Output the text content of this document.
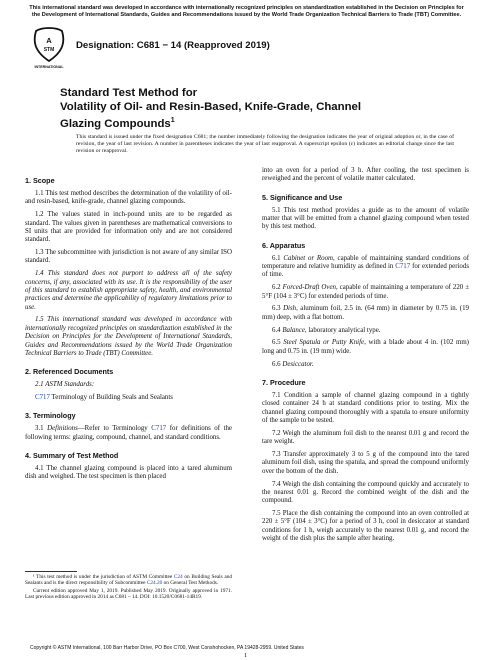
This international standard was developed in accordance with internationally recognized principles on standardization established in the Decision on Principles for the Development of International Standards, Guides and Recommendations issued by the World Trade Organization Technical Barriers to Trade (TBT) Committee.
A
STM
INTERNATIONAL
Designation: C681 − 14 (Reapproved 2019)
Standard Test Method for
Volatility of Oil- and Resin-Based, Knife-Grade, Channel
Glazing Compounds$^1$
This standard is issued under the fixed designation C681; the number immediately following the designation indicates the year of original adoption or, in the case of revision, the year of last revision. A number in parentheses indicates the year of last reapproval. A superscript epsilon (ε) indicates an editorial change since the last revision or reapproval.
1. Scope

1.1 This test method describes the determination of the volatility of oil- and resin-based, knife-grade, channel glazing compounds.

1.2 The values stated in inch-pound units are to be regarded as standard. The values given in parentheses are mathematical conversions to SI units that are provided for information only and are not considered standard.

1.3 The subcommittee with jurisdiction is not aware of any similar ISO standard.

1.4 This standard does not purport to address all of the safety concerns, if any, associated with its use. It is the responsibility of the user of this standard to establish appropriate safety, health, and environmental practices and determine the applicability of regulatory limitations prior to use.

1.5 This international standard was developed in accordance with internationally recognized principles on standardization established in the Decision on Principles for the Development of International Standards, Guides and Recommendations issued by the World Trade Organization Technical Barriers to Trade (TBT) Committee.

2. Referenced Documents

2.1 ASTM Standards:

C717 Terminology of Building Seals and Sealants

3. Terminology

3.1 Definitions—Refer to Terminology C717 for definitions of the following terms: glazing, compound, channel, and standard conditions.

4. Summary of Test Method

4.1 The channel glazing compound is placed into a tared aluminum dish and weighed. The test specimen is then placed

into an oven for a period of 3 h. After cooling, the test specimen is reweighed and the percent of volatile matter calculated.

5. Significance and Use

5.1 This test method provides a guide as to the amount of volatile matter that will be emitted from a channel glazing compound when tested by this test method.

6. Apparatus

6.1 Cabinet or Room, capable of maintaining standard conditions of temperature and relative humidity as defined in C717 for extended periods of time.

6.2 Forced-Draft Oven, capable of maintaining a temperature of 220 ± 5°F (104 ± 3°C) for extended periods of time.

6.3 Dish, aluminum foil, 2.5 in. (64 mm) in diameter by 0.75 in. (19 mm) deep, with a flat bottom.

6.4 Balance, laboratory analytical type.

6.5 Steel Spatula or Putty Knife, with a blade about 4 in. (102 mm) long and 0.75 in. (19 mm) wide.

6.6 Desiccator.

7. Procedure

7.1 Condition a sample of channel glazing compound in a tightly closed container 24 h at standard conditions prior to testing. Mix the channel glazing compound thoroughly with a spatula to ensure uniformity of the sample to be tested.

7.2 Weigh the aluminum foil dish to the nearest 0.01 g and record the tare weight.

7.3 Transfer approximately 3 to 5 g of the compound into the tared aluminum foil dish, using the spatula, and spread the compound uniformly over the bottom of the dish.

7.4 Weigh the dish containing the compound quickly and accurately to the nearest 0.01 g. Record the combined weight of the dish and the compound.

7.5 Place the dish containing the compound into an oven controlled at 220 ± 5°F (104 ± 3°C) for a period of 3 h, cool in desiccator at standard conditions for 1 h, weigh accurately to the nearest 0.01 g, and record the weight of the dish plus the sample after heating.

¹ This test method is under the jurisdiction of ASTM Committee C24 on Building Seals and Sealants and is the direct responsibility of Subcommittee C24.20 on General Test Methods.

Current edition approved May 1, 2019. Published May 2019. Originally approved in 1971. Last previous edition approved in 2014 as C681 – 14. DOI: 10.1520/C0681-14R19.

Copyright © ASTM International, 100 Barr Harbor Drive, PO Box C700, West Conshohocken, PA 19428-2959. United States
1
